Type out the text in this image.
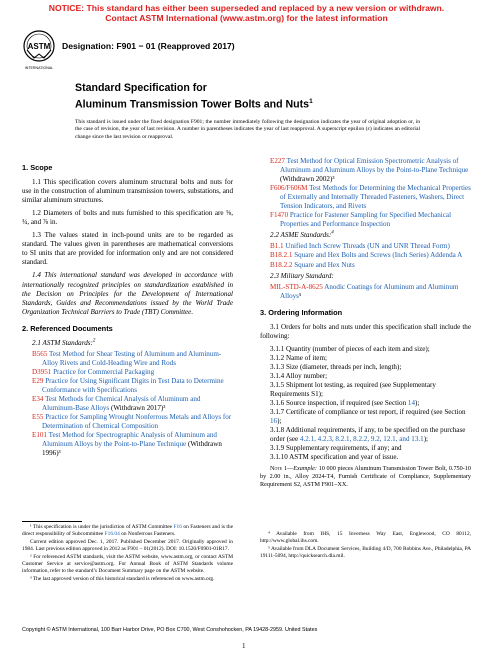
NOTICE: This standard has either been superseded and replaced by a new version or withdrawn.
Contact ASTM International (www.astm.org) for the latest information
ASTM
INTERNATIONAL
Designation: F901 − 01 (Reapproved 2017)
Standard Specification for
Aluminum Transmission Tower Bolts and Nuts$^1$
This standard is issued under the fixed designation F901; the number immediately following the designation indicates the year of original adoption or, in the case of revision, the year of last revision. A number in parentheses indicates the year of last reapproval. A superscript epsilon (ε) indicates an editorial change since the last revision or reapproval.
1. Scope
1.1 This specification covers aluminum structural bolts and nuts for use in the construction of aluminum transmission towers, substations, and similar aluminum structures.
1.2 Diameters of bolts and nuts furnished to this specification are ⅝, ¾, and ⅞ in.
1.3 The values stated in inch-pound units are to be regarded as standard. The values given in parentheses are mathematical conversions to SI units that are provided for information only and are not considered standard.
1.4 This international standard was developed in accordance with internationally recognized principles on standardization established in the Decision on Principles for the Development of International Standards, Guides and Recommendations issued by the World Trade Organization Technical Barriers to Trade (TBT) Committee.
2. Referenced Documents
2.1 ASTM Standards:$^2$
B565 Test Method for Shear Testing of Aluminum and Aluminum-Alloy Rivets and Cold-Heading Wire and Rods
D3951 Practice for Commercial Packaging
E29 Practice for Using Significant Digits in Test Data to Determine Conformance with Specifications
E34 Test Methods for Chemical Analysis of Aluminum and Aluminum-Base Alloys (Withdrawn 2017)³
E55 Practice for Sampling Wrought Nonferrous Metals and Alloys for Determination of Chemical Composition
E101 Test Method for Spectrographic Analysis of Aluminum and Aluminum Alloys by the Point-to-Plane Technique (Withdrawn 1996)³
E227 Test Method for Optical Emission Spectrometric Analysis of Aluminum and Aluminum Alloys by the Point-to-Plane Technique (Withdrawn 2002)³
F606/F606M Test Methods for Determining the Mechanical Properties of Externally and Internally Threaded Fasteners, Washers, Direct Tension Indicators, and Rivets
F1470 Practice for Fastener Sampling for Specified Mechanical Properties and Performance Inspection
2.2 ASME Standards:$^4$
B1.1 Unified Inch Screw Threads (UN and UNR Thread Form)
B18.2.1 Square and Hex Bolts and Screws (Inch Series) Addenda A
B18.2.2 Square and Hex Nuts
2.3 Military Standard:
MIL-STD-A-8625 Anodic Coatings for Aluminum and Aluminum Alloys⁵
3. Ordering Information
3.1 Orders for bolts and nuts under this specification shall include the following:
3.1.1 Quantity (number of pieces of each item and size);
3.1.2 Name of item;
3.1.3 Size (diameter, threads per inch, length);
3.1.4 Alloy number;
3.1.5 Shipment lot testing, as required (see Supplementary Requirements S1);
3.1.6 Source inspection, if required (see Section 14);
3.1.7 Certificate of compliance or test report, if required (see Section 16);
3.1.8 Additional requirements, if any, to be specified on the purchase order (see 4.2.1, 4.2.3, 8.2.1, 8.2.2, 9.2, 12.1, and 13.1);
3.1.9 Supplementary requirements, if any; and
3.1.10 ASTM specification and year of issue.
Note 1—Example: 10 000 pieces Aluminum Transmission Tower Bolt, 0.750-10 by 2.00 in., Alloy 2024-T4, Furnish Certificate of Compliance, Supplementary Requirement S2, ASTM F901–XX.
¹ This specification is under the jurisdiction of ASTM Committee F16 on Fasteners and is the direct responsibility of Subcommittee F16.04 on Nonferrous Fasteners.
Current edition approved Dec. 1, 2017. Published December 2017. Originally approved in 1984. Last previous edition approved in 2012 as F901 – 01(2012). DOI: 10.1520/F0901-01R17.
² For referenced ASTM standards, visit the ASTM website, www.astm.org, or contact ASTM Customer Service at service@astm.org. For Annual Book of ASTM Standards volume information, refer to the standard’s Document Summary page on the ASTM website.
³ The last approved version of this historical standard is referenced on www.astm.org.
⁴ Available from IHS, 15 Inverness Way East, Englewood, CO 80112, http://www.global.ihs.com.
⁵ Available from DLA Document Services, Building 4/D, 700 Robbins Ave., Philadelphia, PA 19111-5094, http://quicksearch.dla.mil.
Copyright © ASTM International, 100 Barr Harbor Drive, PO Box C700, West Conshohocken, PA 19428-2959. United States
1
